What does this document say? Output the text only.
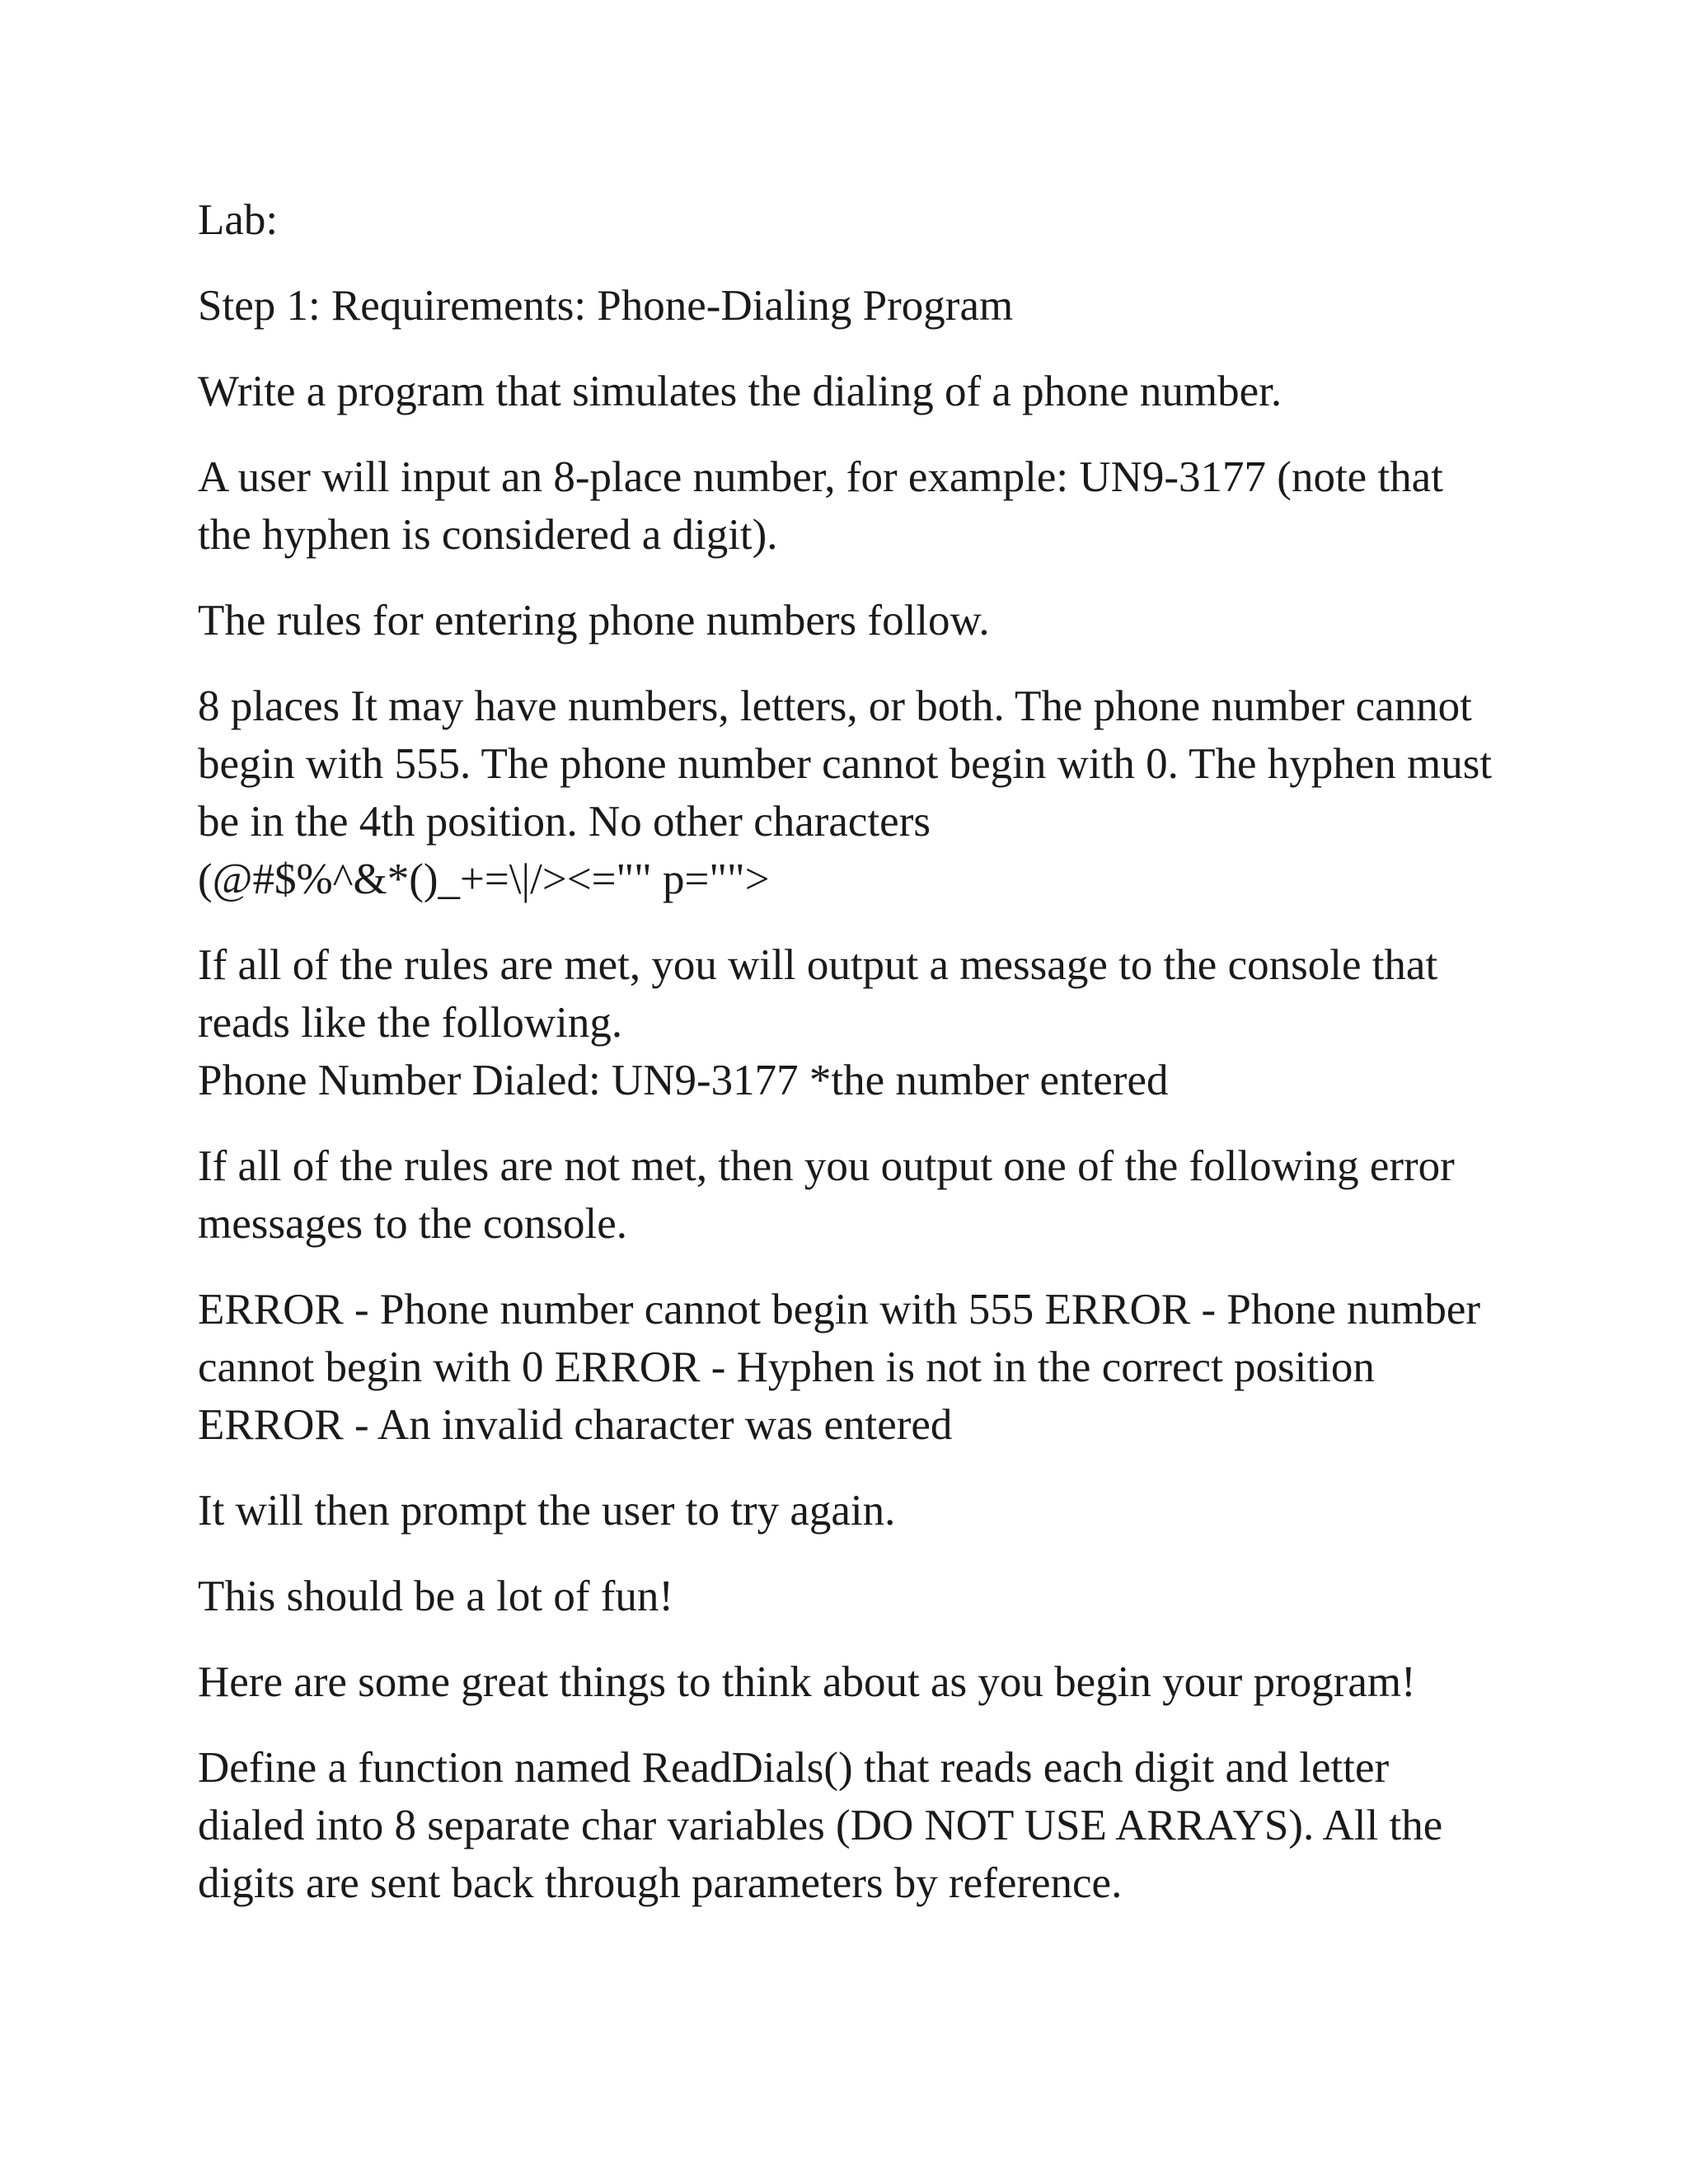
Lab:

Step 1: Requirements: Phone-Dialing Program

Write a program that simulates the dialing of a phone number.

A user will input an 8-place number, for example: UN9-3177 (note that the hyphen is considered a digit).

The rules for entering phone numbers follow.

8 places It may have numbers, letters, or both. The phone number cannot begin with 555. The phone number cannot begin with 0. The hyphen must be in the 4th position. No other characters
(@#$%^&*()_+=\|/><="" p="">

If all of the rules are met, you will output a message to the console that reads like the following.
Phone Number Dialed: UN9-3177 *the number entered

If all of the rules are not met, then you output one of the following error messages to the console.

ERROR - Phone number cannot begin with 555 ERROR - Phone number cannot begin with 0 ERROR - Hyphen is not in the correct position ERROR - An invalid character was entered

It will then prompt the user to try again.

This should be a lot of fun!

Here are some great things to think about as you begin your program!

Define a function named ReadDials() that reads each digit and letter dialed into 8 separate char variables (DO NOT USE ARRAYS). All the digits are sent back through parameters by reference.
